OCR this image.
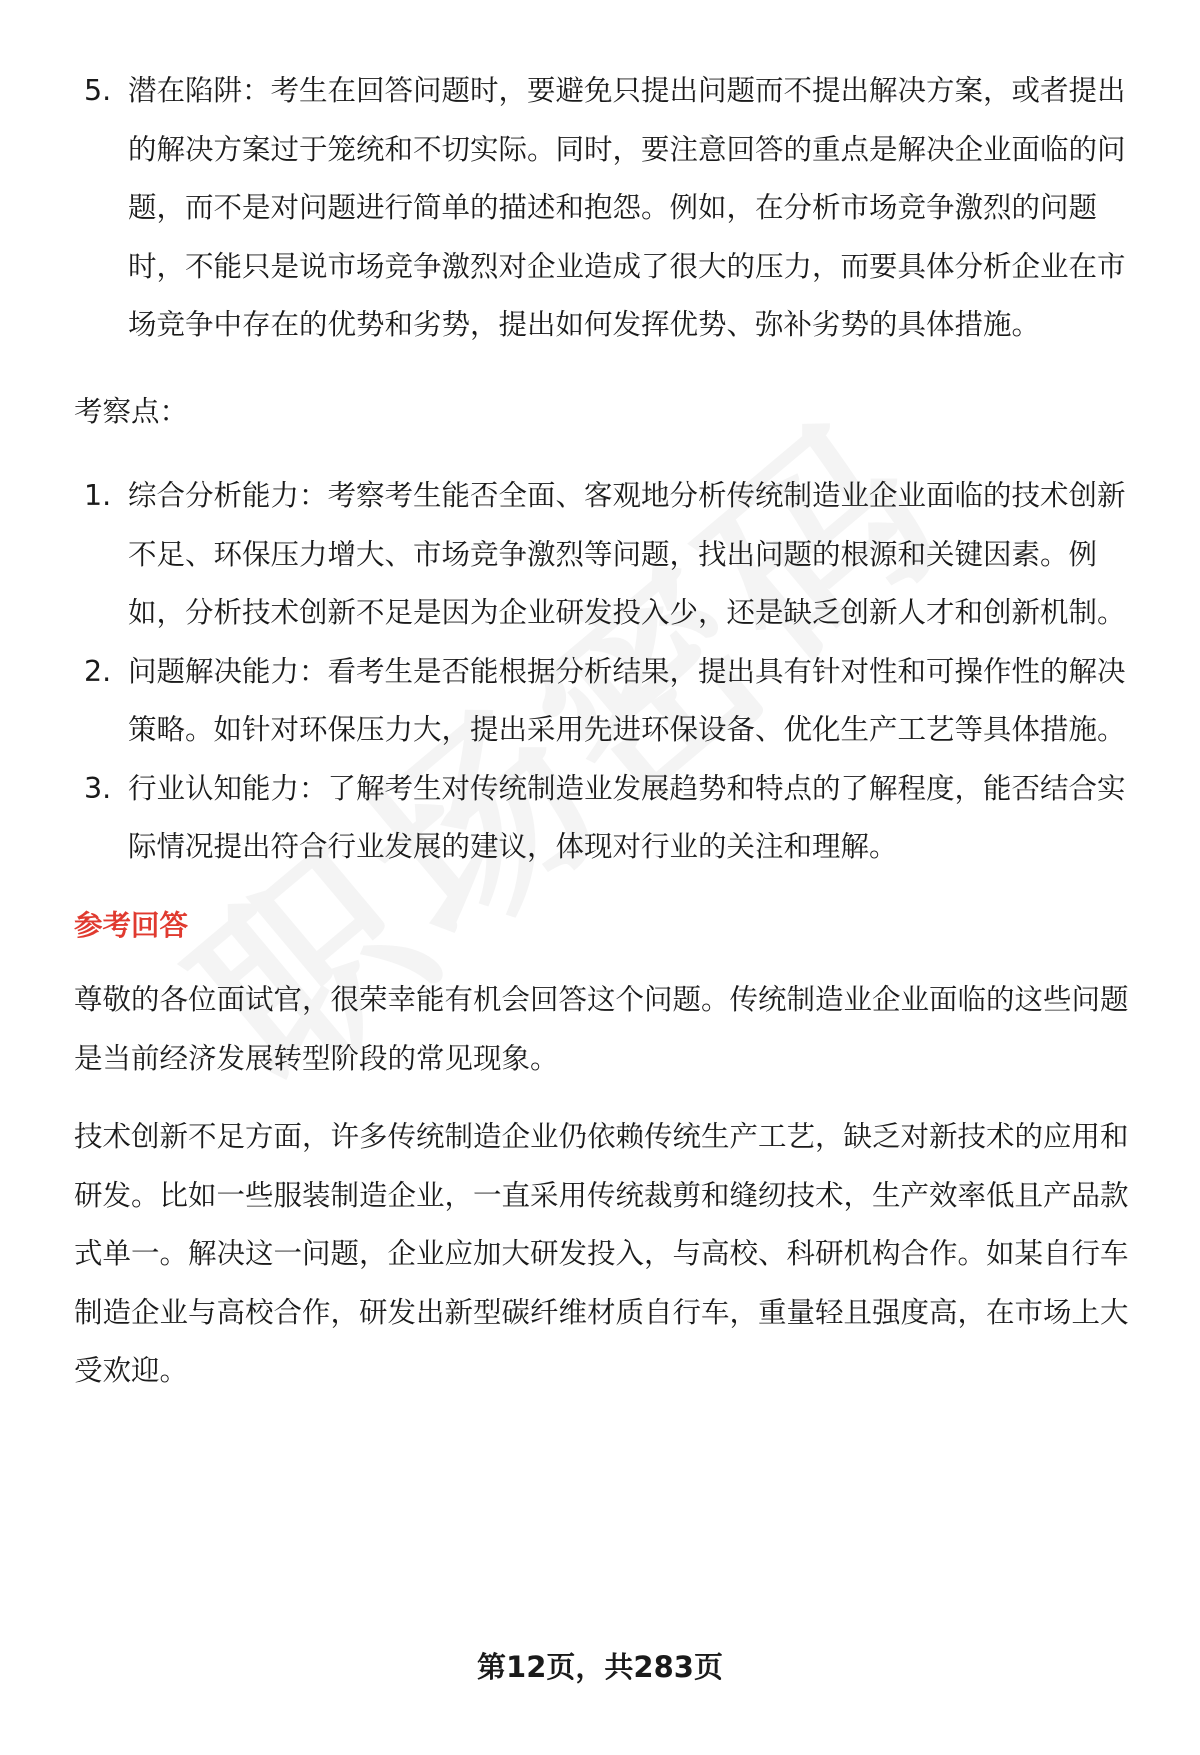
5. 潜在陷阱：考生在回答问题时，要避免只提出问题而不提出解决方案，或者提出的解决方案过于笼统和不切实际。同时，要注意回答的重点是解决企业面临的问题，而不是对问题进行简单的描述和抱怨。例如，在分析市场竞争激烈的问题时，不能只是说市场竞争激烈对企业造成了很大的压力，而要具体分析企业在市场竞争中存在的优势和劣势，提出如何发挥优势、弥补劣势的具体措施。
考察点：
1. 综合分析能力：考察考生能否全面、客观地分析传统制造业企业面临的技术创新不足、环保压力增大、市场竞争激烈等问题，找出问题的根源和关键因素。例如，分析技术创新不足是因为企业研发投入少，还是缺乏创新人才和创新机制。
2. 问题解决能力：看考生是否能根据分析结果，提出具有针对性和可操作性的解决策略。如针对环保压力大，提出采用先进环保设备、优化生产工艺等具体措施。
3. 行业认知能力：了解考生对传统制造业发展趋势和特点的了解程度，能否结合实际情况提出符合行业发展的建议，体现对行业的关注和理解。
参考回答
尊敬的各位面试官，很荣幸能有机会回答这个问题。传统制造业企业面临的这些问题是当前经济发展转型阶段的常见现象。
技术创新不足方面，许多传统制造企业仍依赖传统生产工艺，缺乏对新技术的应用和研发。比如一些服装制造企业，一直采用传统裁剪和缝纫技术，生产效率低且产品款式单一。解决这一问题，企业应加大研发投入，与高校、科研机构合作。如某自行车制造企业与高校合作，研发出新型碳纤维材质自行车，重量轻且强度高，在市场上大受欢迎。
第12页，共283页
